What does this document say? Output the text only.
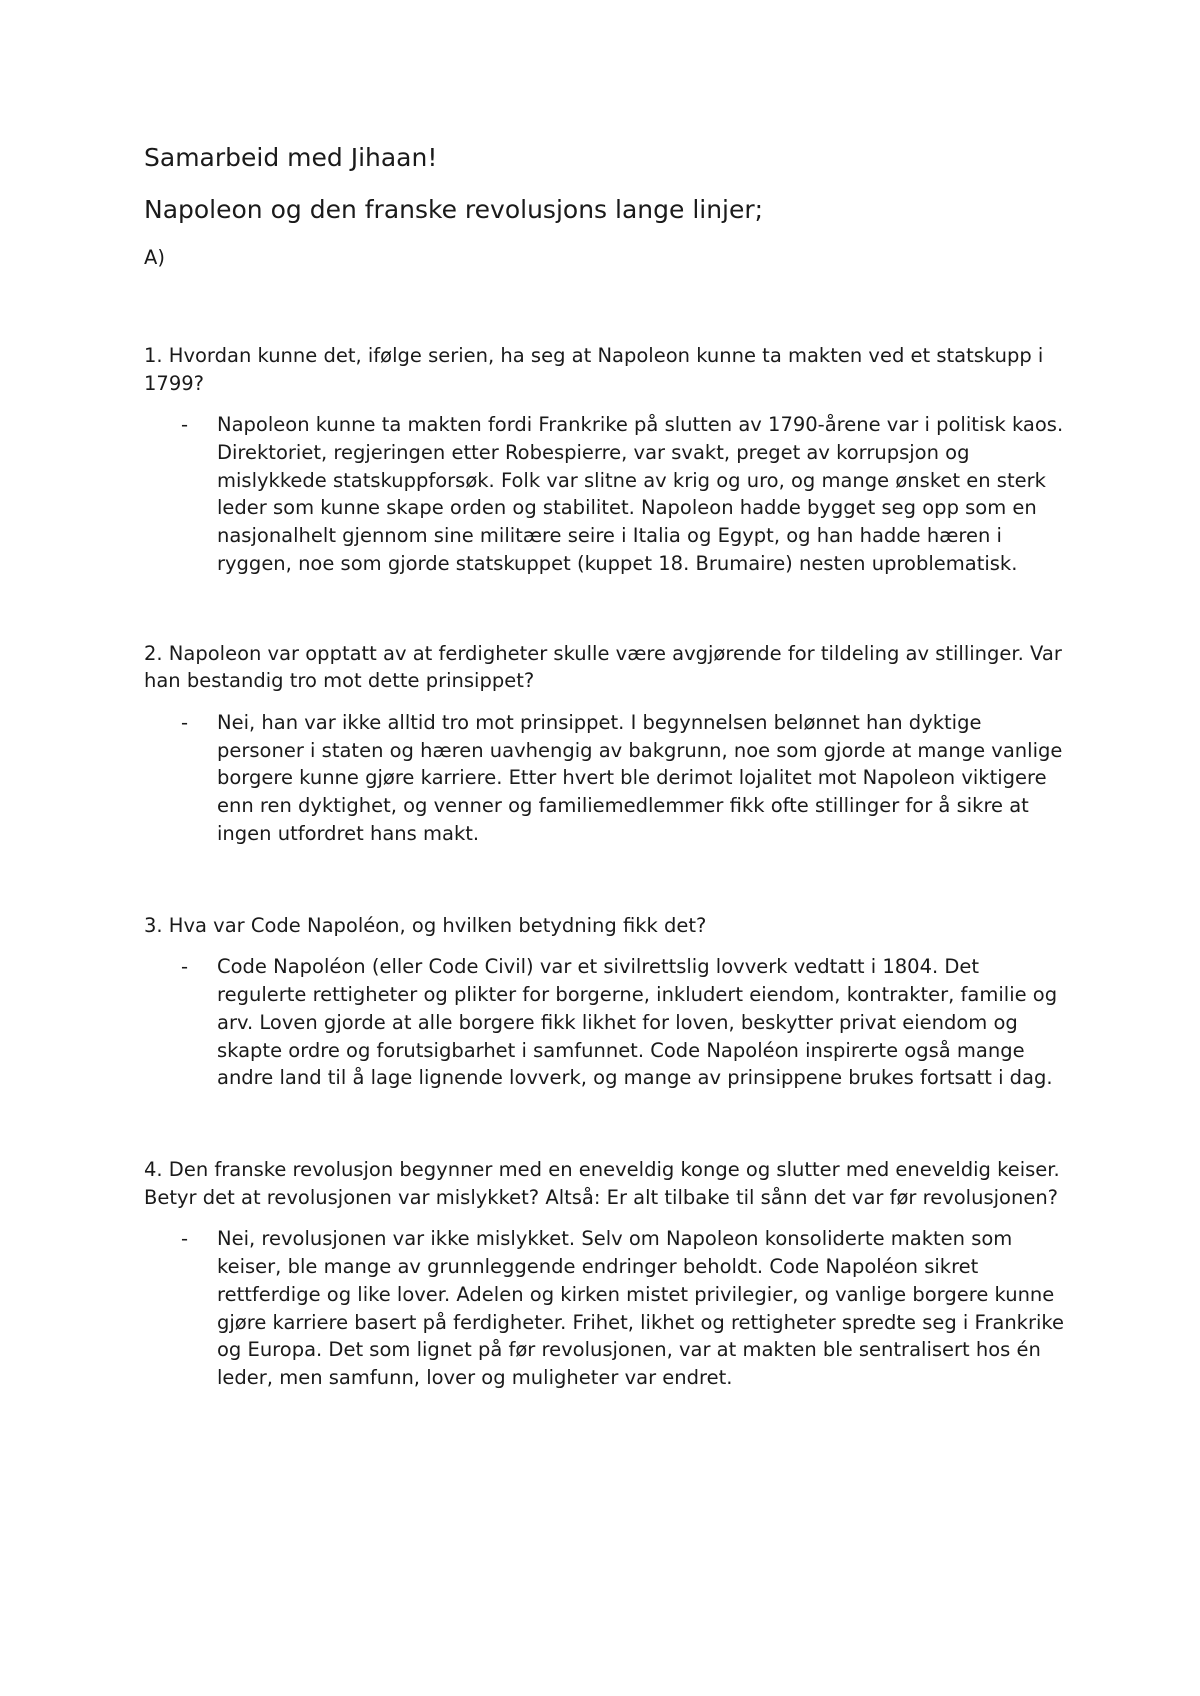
Samarbeid med Jihaan!
Napoleon og den franske revolusjons lange linjer;

A)

1. Hvordan kunne det, ifølge serien, ha seg at Napoleon kunne ta makten ved et statskupp i 1799?

- Napoleon kunne ta makten fordi Frankrike på slutten av 1790-årene var i politisk kaos. Direktoriet, regjeringen etter Robespierre, var svakt, preget av korrupsjon og mislykkede statskuppforsøk. Folk var slitne av krig og uro, og mange ønsket en sterk leder som kunne skape orden og stabilitet. Napoleon hadde bygget seg opp som en nasjonalhelt gjennom sine militære seire i Italia og Egypt, og han hadde hæren i ryggen, noe som gjorde statskuppet (kuppet 18. Brumaire) nesten uproblematisk.

2. Napoleon var opptatt av at ferdigheter skulle være avgjørende for tildeling av stillinger. Var han bestandig tro mot dette prinsippet?

- Nei, han var ikke alltid tro mot prinsippet. I begynnelsen belønnet han dyktige personer i staten og hæren uavhengig av bakgrunn, noe som gjorde at mange vanlige borgere kunne gjøre karriere. Etter hvert ble derimot lojalitet mot Napoleon viktigere enn ren dyktighet, og venner og familiemedlemmer fikk ofte stillinger for å sikre at ingen utfordret hans makt.

3. Hva var Code Napoléon, og hvilken betydning fikk det?

- Code Napoléon (eller Code Civil) var et sivilrettslig lovverk vedtatt i 1804. Det regulerte rettigheter og plikter for borgerne, inkludert eiendom, kontrakter, familie og arv. Loven gjorde at alle borgere fikk likhet for loven, beskytter privat eiendom og skapte ordre og forutsigbarhet i samfunnet. Code Napoléon inspirerte også mange andre land til å lage lignende lovverk, og mange av prinsippene brukes fortsatt i dag.

4. Den franske revolusjon begynner med en eneveldig konge og slutter med eneveldig keiser. Betyr det at revolusjonen var mislykket? Altså: Er alt tilbake til sånn det var før revolusjonen?

- Nei, revolusjonen var ikke mislykket. Selv om Napoleon konsoliderte makten som keiser, ble mange av grunnleggende endringer beholdt. Code Napoléon sikret rettferdige og like lover. Adelen og kirken mistet privilegier, og vanlige borgere kunne gjøre karriere basert på ferdigheter. Frihet, likhet og rettigheter spredte seg i Frankrike og Europa. Det som lignet på før revolusjonen, var at makten ble sentralisert hos én leder, men samfunn, lover og muligheter var endret.
